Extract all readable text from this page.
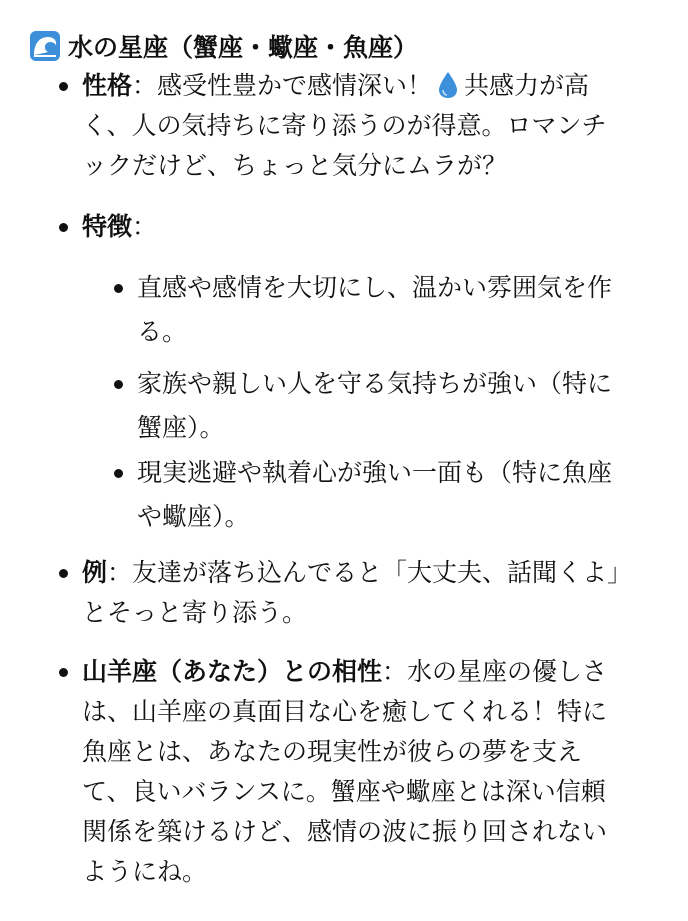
水の星座（蟹座・蠍座・魚座）
性格：感受性豊かで感情深い！ 共感力が高
く、人の気持ちに寄り添うのが得意。ロマンチ
ックだけど、ちょっと気分にムラが？
特徴：
直感や感情を大切にし、温かい雰囲気を作
る。
家族や親しい人を守る気持ちが強い（特に
蟹座）。
現実逃避や執着心が強い一面も（特に魚座
や蠍座）。
例：友達が落ち込んでると「大丈夫、話聞くよ」
とそっと寄り添う。
山羊座（あなた）との相性：水の星座の優しさ
は、山羊座の真面目な心を癒してくれる！特に
魚座とは、あなたの現実性が彼らの夢を支え
て、良いバランスに。蟹座や蠍座とは深い信頼
関係を築けるけど、感情の波に振り回されない
ようにね。
